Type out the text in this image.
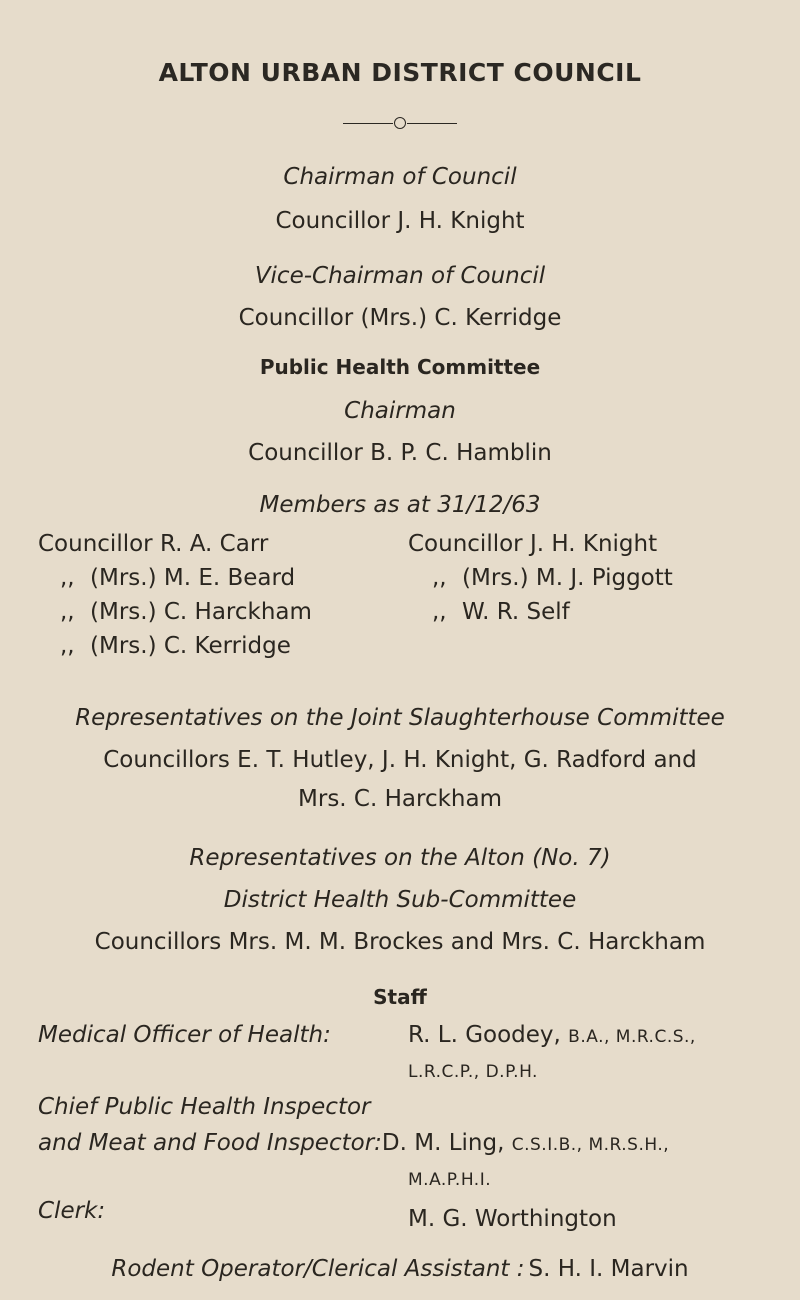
ALTON URBAN DISTRICT COUNCIL
Chairman of Council
Councillor J. H. Knight
Vice-Chairman of Council
Councillor (Mrs.) C. Kerridge
Public Health Committee
Chairman
Councillor B. P. C. Hamblin
Members as at 31/12/63
Councillor R. A. Carr
,, (Mrs.) M. E. Beard
,, (Mrs.) C. Harckham
,, (Mrs.) C. Kerridge
Councillor J. H. Knight
,, (Mrs.) M. J. Piggott
,, W. R. Self
Representatives on the Joint Slaughterhouse Committee
Councillors E. T. Hutley, J. H. Knight, G. Radford and
Mrs. C. Harckham
Representatives on the Alton (No. 7)
District Health Sub-Committee
Councillors Mrs. M. M. Brockes and Mrs. C. Harckham
Staff
Medical Officer of Health:	R. L. Goodey, B.A., M.R.C.S.,
L.R.C.P., D.P.H.
Chief Public Health Inspector
and Meat and Food Inspector:D. M. Ling, C.S.I.B., M.R.S.H.,
M.A.P.H.I.
Clerk:	M. G. Worthington
Rodent Operator/Clerical Assistant : S. H. I. Marvin
